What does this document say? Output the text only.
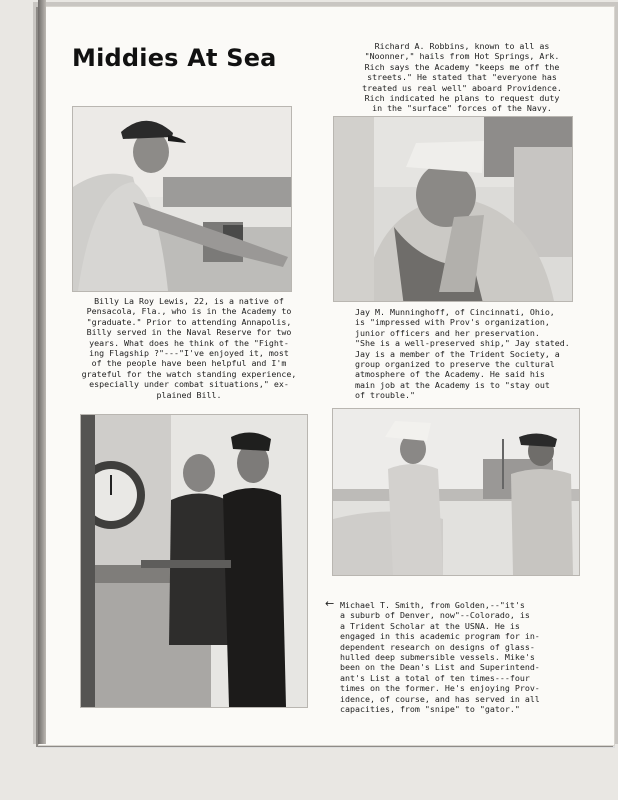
Middies At Sea	Richard A. Robbins, known to all as
"Noonner," hails from Hot Springs, Ark.
Rich says the Academy "keeps me off the
streets." He stated that "everyone has
treated us real well" aboard Providence.
Rich indicated he plans to request duty
in the "surface" forces of the Navy.

Billy La Roy Lewis, 22, is a native of
Pensacola, Fla., who is in the Academy to
"graduate." Prior to attending Annapolis,
Billy served in the Naval Reserve for two
years. What does he think of the "Fight-
ing Flagship ?"---"I've enjoyed it, most
of the people have been helpful and I'm
grateful for the watch standing experience,
especially under combat situations," ex-
plained Bill.

Jay M. Munninghoff, of Cincinnati, Ohio,
is "impressed with Prov's organization,
junior officers and her preservation.
"She is a well-preserved ship," Jay stated.
Jay is a member of the Trident Society, a
group organized to preserve the cultural
atmosphere of the Academy. He said his
main job at the Academy is to "stay out
of trouble."

← Michael T. Smith, from Golden,--"it's
a suburb of Denver, now"--Colorado, is
a Trident Scholar at the USNA. He is
engaged in this academic program for in-
dependent research on designs of glass-
hulled deep submersible vessels. Mike's
been on the Dean's List and Superintend-
ant's List a total of ten times---four
times on the former. He's enjoying Prov-
idence, of course, and has served in all
capacities, from "snipe" to "gator."
